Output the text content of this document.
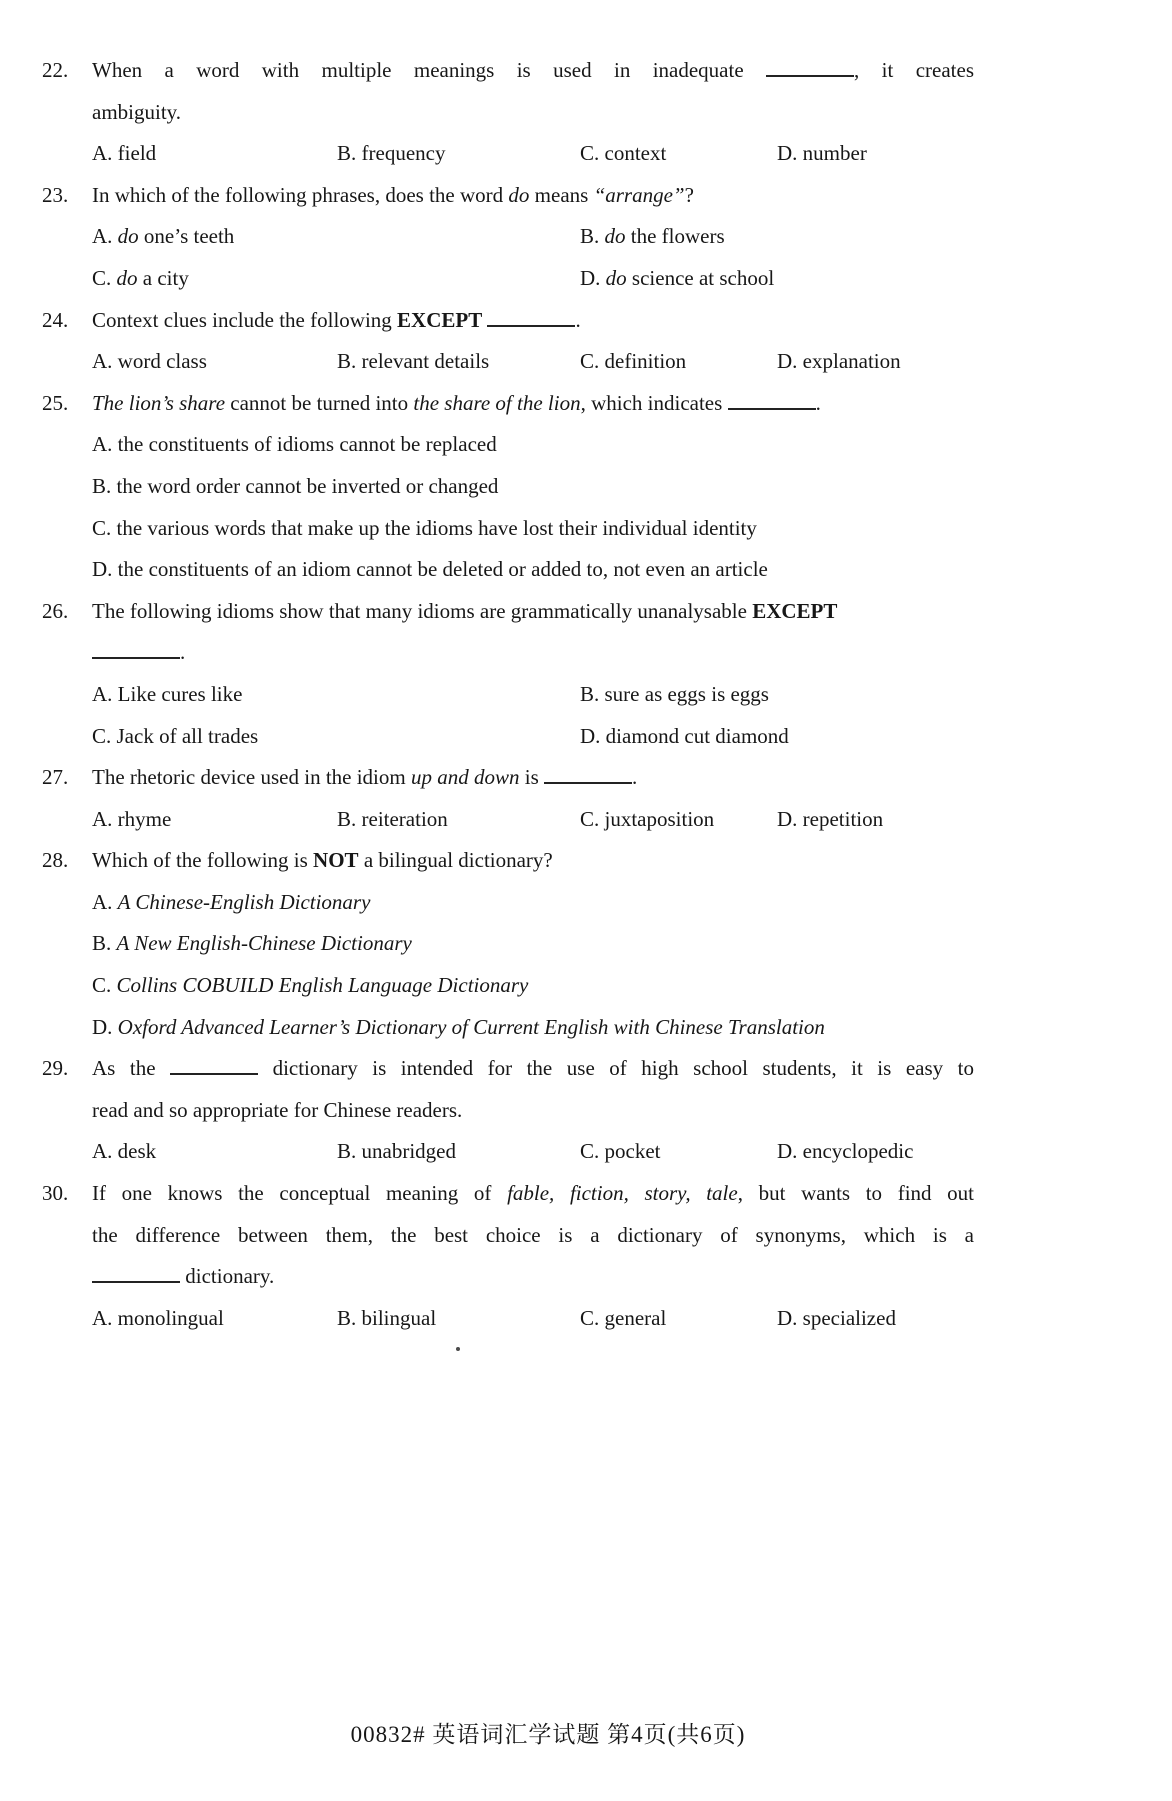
22.	When a word with multiple meanings is used in inadequate	, it creates
ambiguity.
A. field	B. frequency	C. context	D. number
23.	In which of the following phrases, does the word do means “arrange”?
A. do one’s teeth	B. do the flowers
C. do a city	D. do science at school
24.	Context clues include the following EXCEPT	.
A. word class	B. relevant details	C. definition	D. explanation
25.	The lion’s share cannot be turned into the share of the lion, which indicates	.
A. the constituents of idioms cannot be replaced
B. the word order cannot be inverted or changed
C. the various words that make up the idioms have lost their individual identity
D. the constituents of an idiom cannot be deleted or added to, not even an article
26.	The following idioms show that many idioms are grammatically unanalysable EXCEPT
.
A. Like cures like	B. sure as eggs is eggs
C. Jack of all trades	D. diamond cut diamond
27.	The rhetoric device used in the idiom up and down is	.
A. rhyme	B. reiteration	C. juxtaposition	D. repetition
28.	Which of the following is NOT a bilingual dictionary?
A. A Chinese-English Dictionary
B. A New English-Chinese Dictionary
C. Collins COBUILD English Language Dictionary
D. Oxford Advanced Learner’s Dictionary of Current English with Chinese Translation
29.	As the	dictionary is intended for the use of high school students, it is easy to
read and so appropriate for Chinese readers.
A. desk	B. unabridged	C. pocket	D. encyclopedic
30.	If one knows the conceptual meaning of fable, fiction, story, tale, but wants to find out
the difference between them, the best choice is a dictionary of synonyms, which is a
dictionary.
A. monolingual	B. bilingual	C. general	D. specialized
00832# 英语词汇学试题 第4页(共6页)
